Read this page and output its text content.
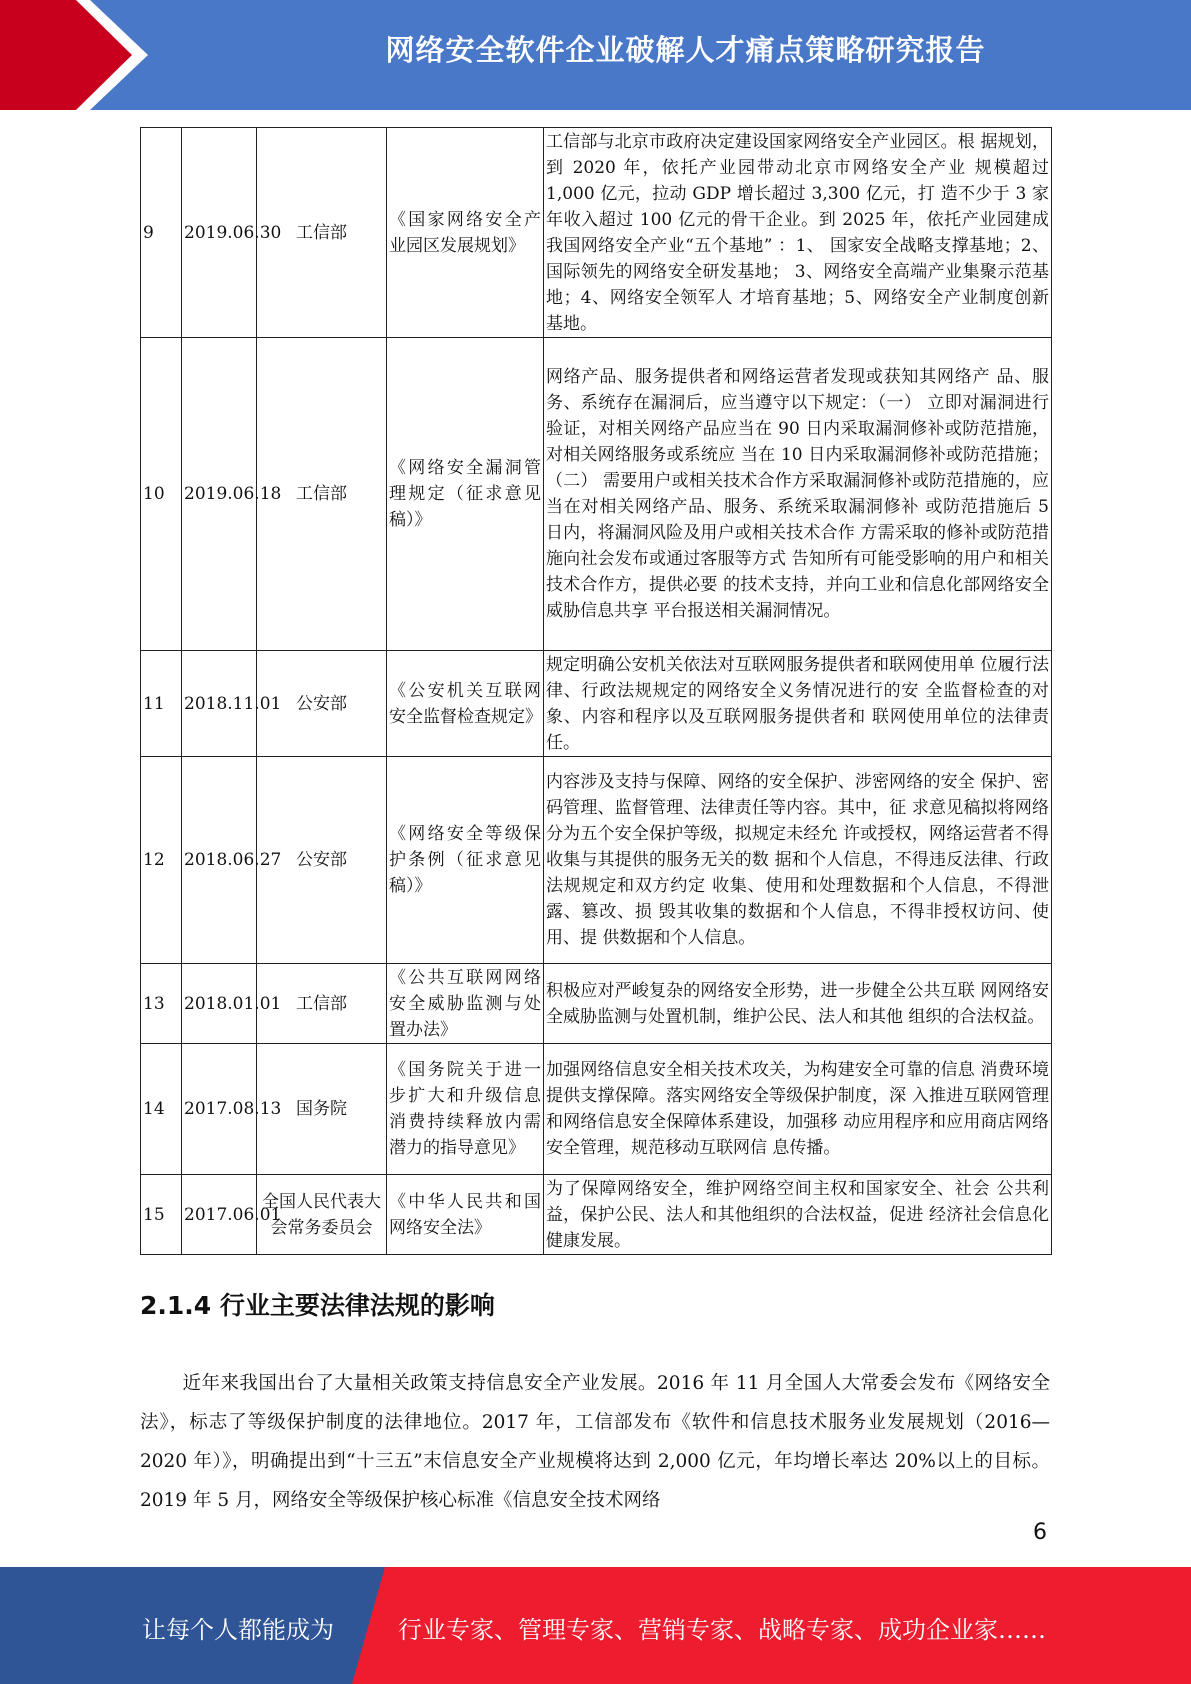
网络安全软件企业破解人才痛点策略研究报告
9	2019.06.30	工信部	《国家网络安全产业园区发展规划》	工信部与北京市政府决定建设国家网络安全产业园区。根 据规划，到 2020 年，依托产业园带动北京市网络安全产业 规模超过 1,000 亿元，拉动 GDP 增长超过 3,300 亿元，打 造不少于 3 家年收入超过 100 亿元的骨干企业。到 2025 年，依托产业园建成我国网络安全产业“五个基地” ：1、 国家安全战略支撑基地；2、国际领先的网络安全研发基地； 3、网络安全高端产业集聚示范基地；4、网络安全领军人 才培育基地；5、网络安全产业制度创新基地。
10	2019.06.18	工信部	《网络安全漏洞管理规定（征求意见稿）》	网络产品、服务提供者和网络运营者发现或获知其网络产 品、服务、系统存在漏洞后，应当遵守以下规定：（一） 立即对漏洞进行验证，对相关网络产品应当在 90 日内采取漏洞修补或防范措施，对相关网络服务或系统应 当在 10 日内采取漏洞修补或防范措施；（二） 需要用户或相关技术合作方采取漏洞修补或防范措施的，应当在对相关网络产品、服务、系统采取漏洞修补 或防范措施后 5 日内，将漏洞风险及用户或相关技术合作 方需采取的修补或防范措施向社会发布或通过客服等方式 告知所有可能受影响的用户和相关技术合作方，提供必要 的技术支持，并向工业和信息化部网络安全威胁信息共享 平台报送相关漏洞情况。
11	2018.11.01	公安部	《公安机关互联网安全监督检查规定》	规定明确公安机关依法对互联网服务提供者和联网使用单 位履行法律、行政法规规定的网络安全义务情况进行的安 全监督检查的对象、内容和程序以及互联网服务提供者和 联网使用单位的法律责任。
12	2018.06.27	公安部	《网络安全等级保护条例（征求意见稿）》	内容涉及支持与保障、网络的安全保护、涉密网络的安全 保护、密码管理、监督管理、法律责任等内容。其中，征 求意见稿拟将网络分为五个安全保护等级，拟规定未经允 许或授权，网络运营者不得收集与其提供的服务无关的数 据和个人信息，不得违反法律、行政法规规定和双方约定 收集、使用和处理数据和个人信息，不得泄露、篡改、损 毁其收集的数据和个人信息，不得非授权访问、使用、提 供数据和个人信息。
13	2018.01.01	工信部	《公共互联网网络安全威胁监测与处置办法》	积极应对严峻复杂的网络安全形势，进一步健全公共互联 网网络安全威胁监测与处置机制，维护公民、法人和其他 组织的合法权益。
14	2017.08.13	国务院	《国务院关于进一步扩大和升级信息消费持续释放内需潜力的指导意见》	加强网络信息安全相关技术攻关，为构建安全可靠的信息 消费环境提供支撑保障。落实网络安全等级保护制度，深 入推进互联网管理和网络信息安全保障体系建设，加强移 动应用程序和应用商店网络安全管理，规范移动互联网信 息传播。
15	2017.06.01	全国人民代表大会常务委员会	《中华人民共和国网络安全法》	为了保障网络安全，维护网络空间主权和国家安全、社会 公共利益，保护公民、法人和其他组织的合法权益，促进 经济社会信息化健康发展。
2.1.4 行业主要法律法规的影响
近年来我国出台了大量相关政策支持信息安全产业发展。2016 年 11 月全国人大常委会发布《网络安全法》，标志了等级保护制度的法律地位。2017 年，工信部发布《软件和信息技术服务业发展规划（2016—2020 年）》，明确提出到“十三五”末信息安全产业规模将达到 2,000 亿元，年均增长率达 20%以上的目标。2019 年 5 月，网络安全等级保护核心标准《信息安全技术网络
6
让每个人都能成为	行业专家、管理专家、营销专家、战略专家、成功企业家……
